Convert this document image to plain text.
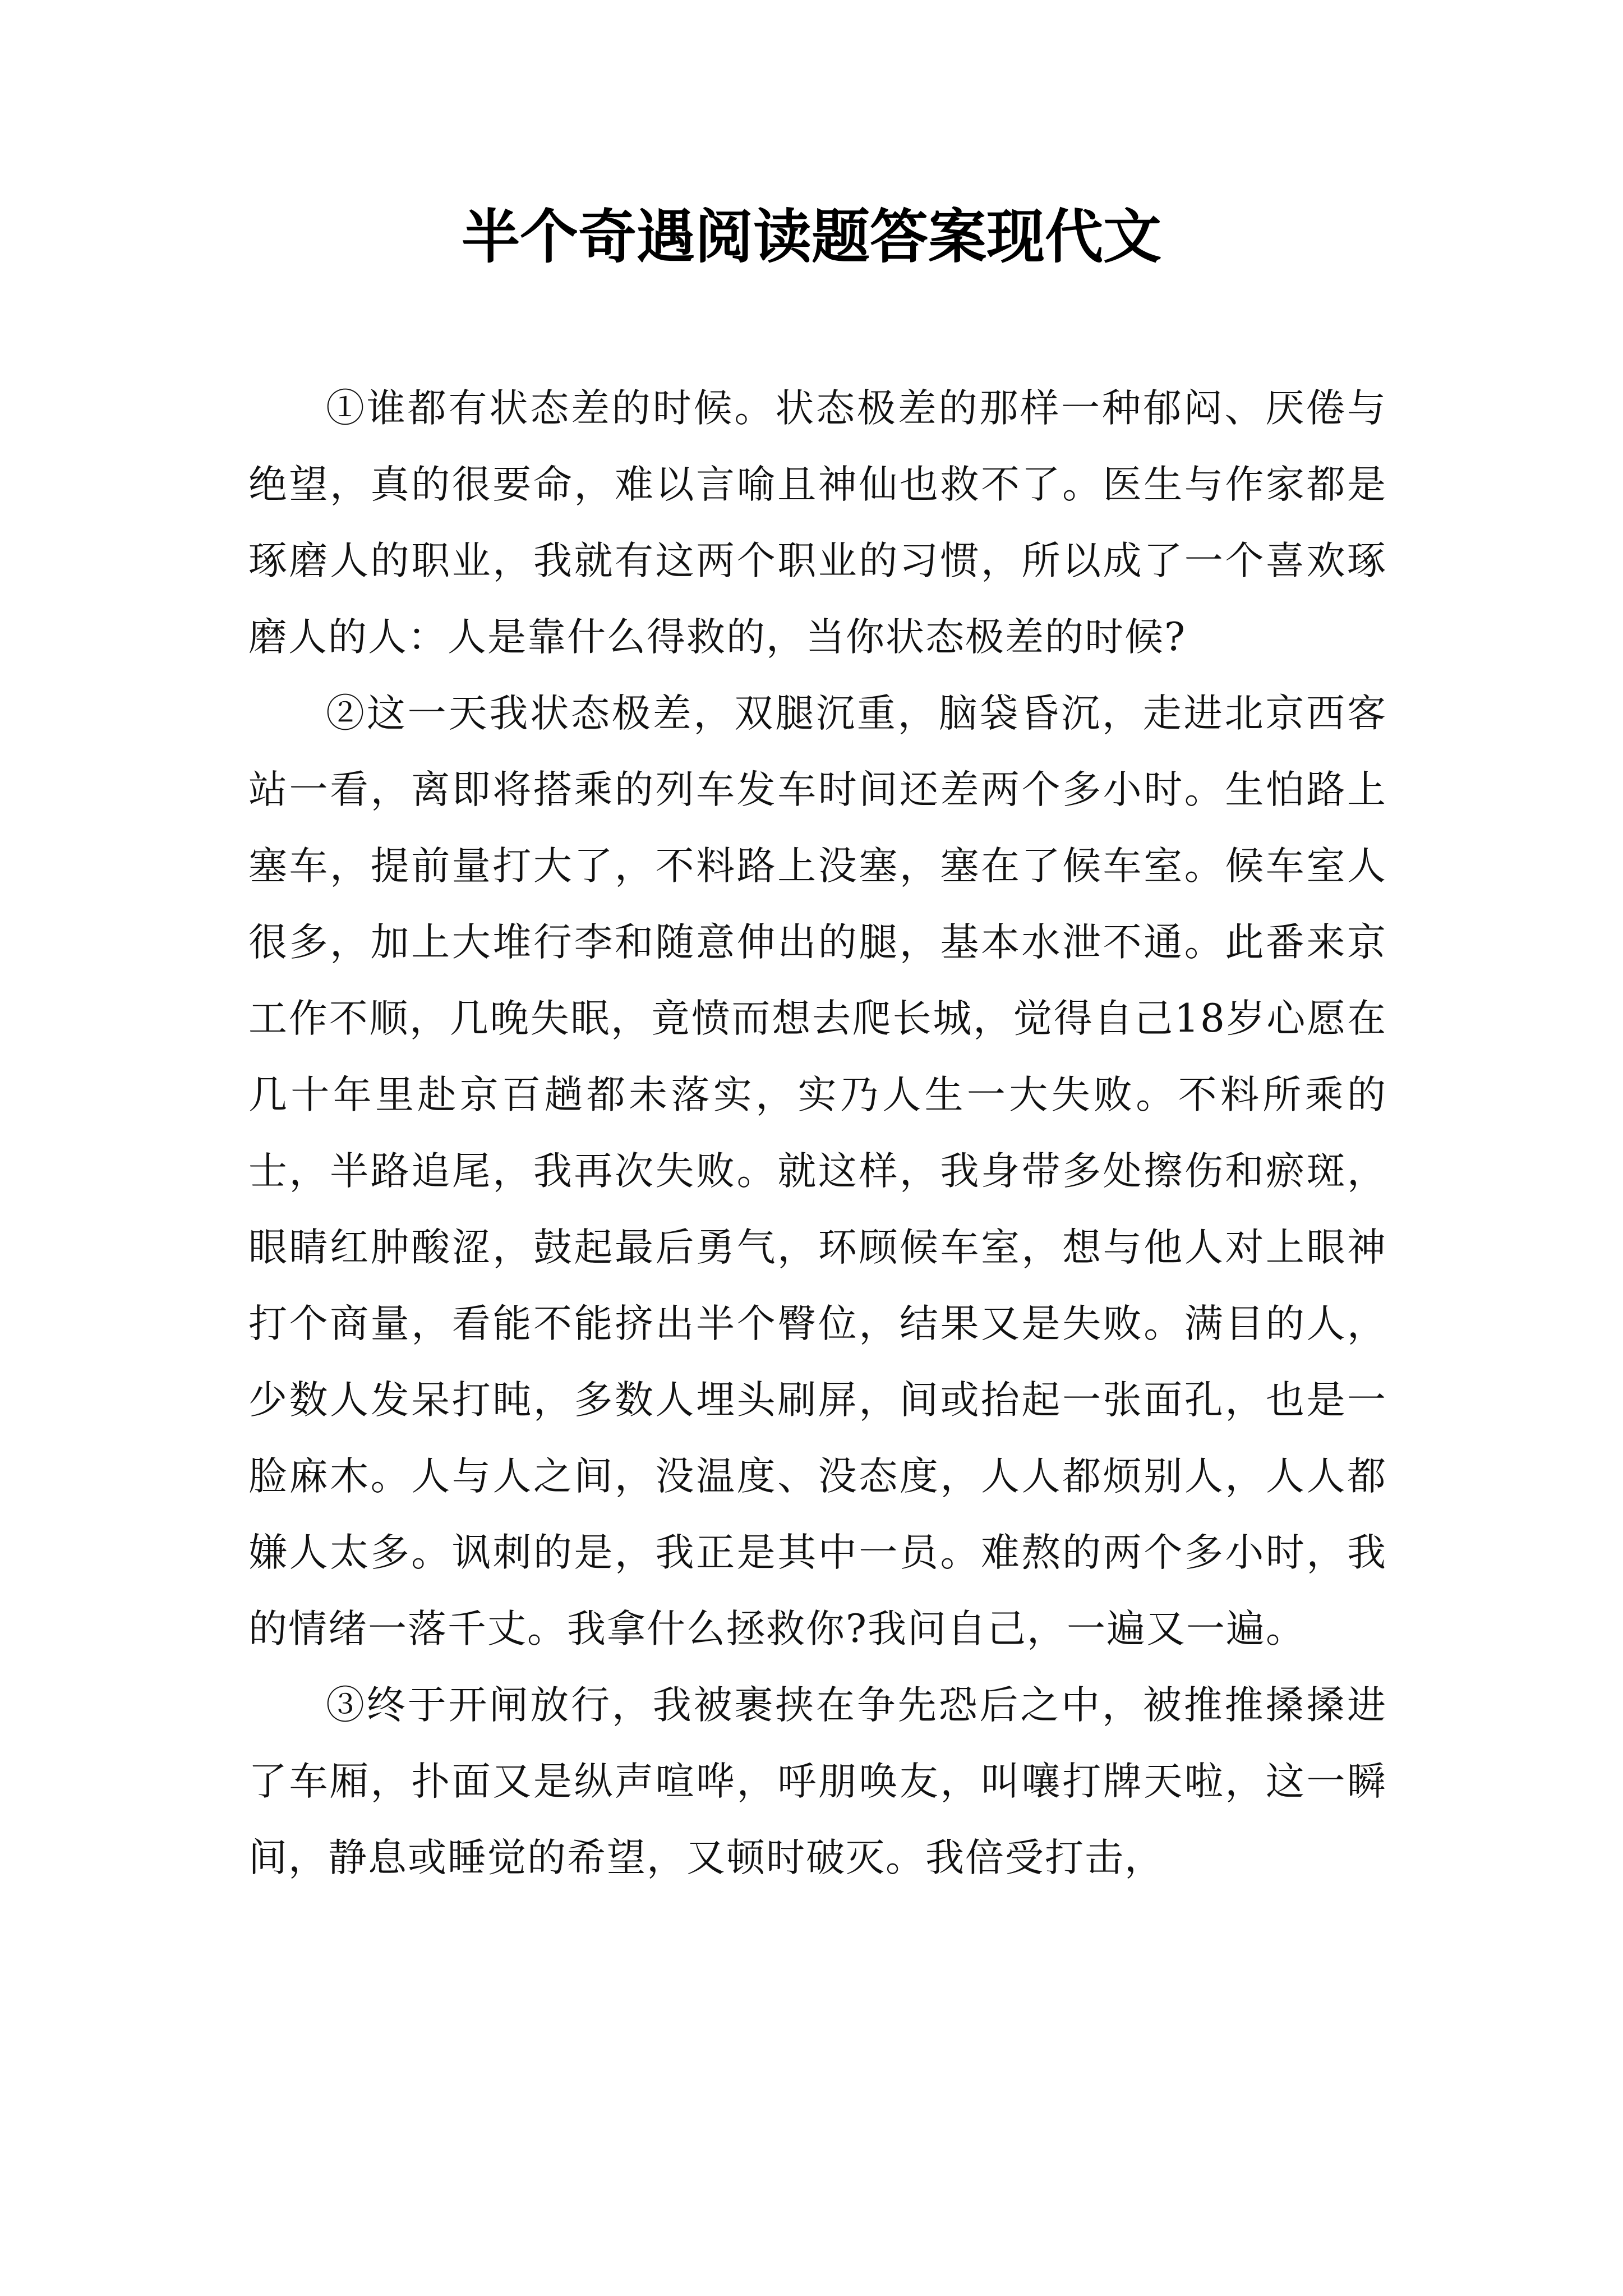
半个奇遇阅读题答案现代文

①谁都有状态差的时候。状态极差的那样一种郁闷、厌倦与绝望，真的很要命，难以言喻且神仙也救不了。医生与作家都是琢磨人的职业，我就有这两个职业的习惯，所以成了一个喜欢琢磨人的人：人是靠什么得救的，当你状态极差的时候?

②这一天我状态极差，双腿沉重，脑袋昏沉，走进北京西客站一看，离即将搭乘的列车发车时间还差两个多小时。生怕路上塞车，提前量打大了，不料路上没塞，塞在了候车室。候车室人很多，加上大堆行李和随意伸出的腿，基本水泄不通。此番来京工作不顺，几晚失眠，竟愤而想去爬长城，觉得自己18岁心愿在几十年里赴京百趟都未落实，实乃人生一大失败。不料所乘的士，半路追尾，我再次失败。就这样，我身带多处擦伤和瘀斑，眼睛红肿酸涩，鼓起最后勇气，环顾候车室，想与他人对上眼神打个商量，看能不能挤出半个臀位，结果又是失败。满目的人，少数人发呆打盹，多数人埋头刷屏，间或抬起一张面孔，也是一脸麻木。人与人之间，没温度、没态度，人人都烦别人，人人都嫌人太多。讽刺的是，我正是其中一员。难熬的两个多小时，我的情绪一落千丈。我拿什么拯救你?我问自己，一遍又一遍。

③终于开闸放行，我被裹挟在争先恐后之中，被推推搡搡进了车厢，扑面又是纵声喧哗，呼朋唤友，叫嚷打牌天啦，这一瞬间，静息或睡觉的希望，又顿时破灭。我倍受打击，
